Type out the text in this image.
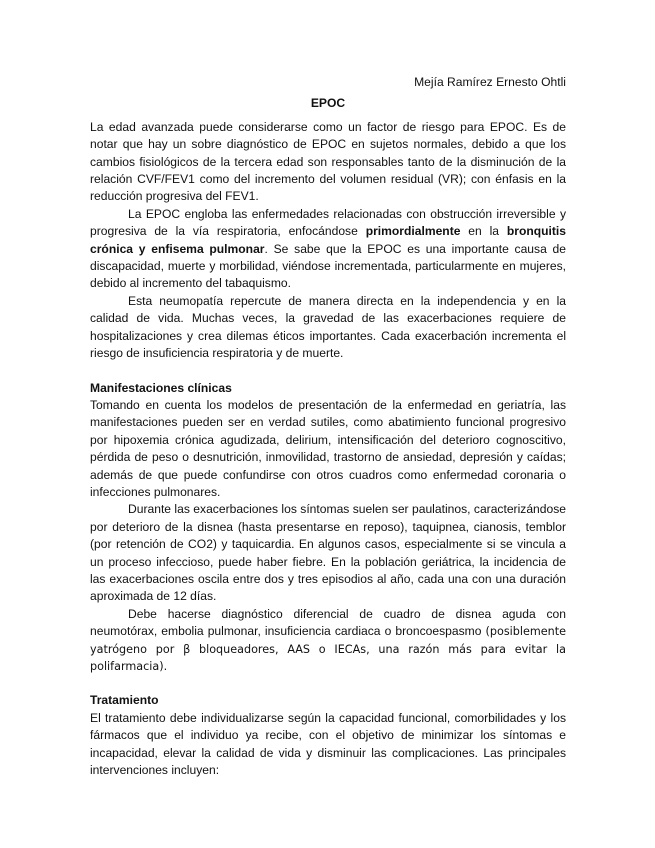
Mejía Ramírez Ernesto Ohtli
EPOC

La edad avanzada puede considerarse como un factor de riesgo para EPOC. Es de notar que hay un sobre diagnóstico de EPOC en sujetos normales, debido a que los cambios fisiológicos de la tercera edad son responsables tanto de la disminución de la relación CVF/FEV1 como del incremento del volumen residual (VR); con énfasis en la reducción progresiva del FEV1.

La EPOC engloba las enfermedades relacionadas con obstrucción irreversible y progresiva de la vía respiratoria, enfocándose primordialmente en la bronquitis crónica y enfisema pulmonar. Se sabe que la EPOC es una importante causa de discapacidad, muerte y morbilidad, viéndose incrementada, particularmente en mujeres, debido al incremento del tabaquismo.

Esta neumopatía repercute de manera directa en la independencia y en la calidad de vida. Muchas veces, la gravedad de las exacerbaciones requiere de hospitalizaciones y crea dilemas éticos importantes. Cada exacerbación incrementa el riesgo de insuficiencia respiratoria y de muerte.

Manifestaciones clínicas

Tomando en cuenta los modelos de presentación de la enfermedad en geriatría, las manifestaciones pueden ser en verdad sutiles, como abatimiento funcional progresivo por hipoxemia crónica agudizada, delirium, intensificación del deterioro cognoscitivo, pérdida de peso o desnutrición, inmovilidad, trastorno de ansiedad, depresión y caídas; además de que puede confundirse con otros cuadros como enfermedad coronaria o infecciones pulmonares.

Durante las exacerbaciones los síntomas suelen ser paulatinos, caracterizándose por deterioro de la disnea (hasta presentarse en reposo), taquipnea, cianosis, temblor (por retención de CO2) y taquicardia. En algunos casos, especialmente si se vincula a un proceso infeccioso, puede haber fiebre. En la población geriátrica, la incidencia de las exacerbaciones oscila entre dos y tres episodios al año, cada una con una duración aproximada de 12 días.

Debe hacerse diagnóstico diferencial de cuadro de disnea aguda con neumotórax, embolia pulmonar, insuficiencia cardiaca o broncoespasmo (posiblemente yatrógeno por β bloqueadores, AAS o IECAs, una razón más para evitar la polifarmacia).

Tratamiento

El tratamiento debe individualizarse según la capacidad funcional, comorbilidades y los fármacos que el individuo ya recibe, con el objetivo de minimizar los síntomas e incapacidad, elevar la calidad de vida y disminuir las complicaciones. Las principales intervenciones incluyen:
